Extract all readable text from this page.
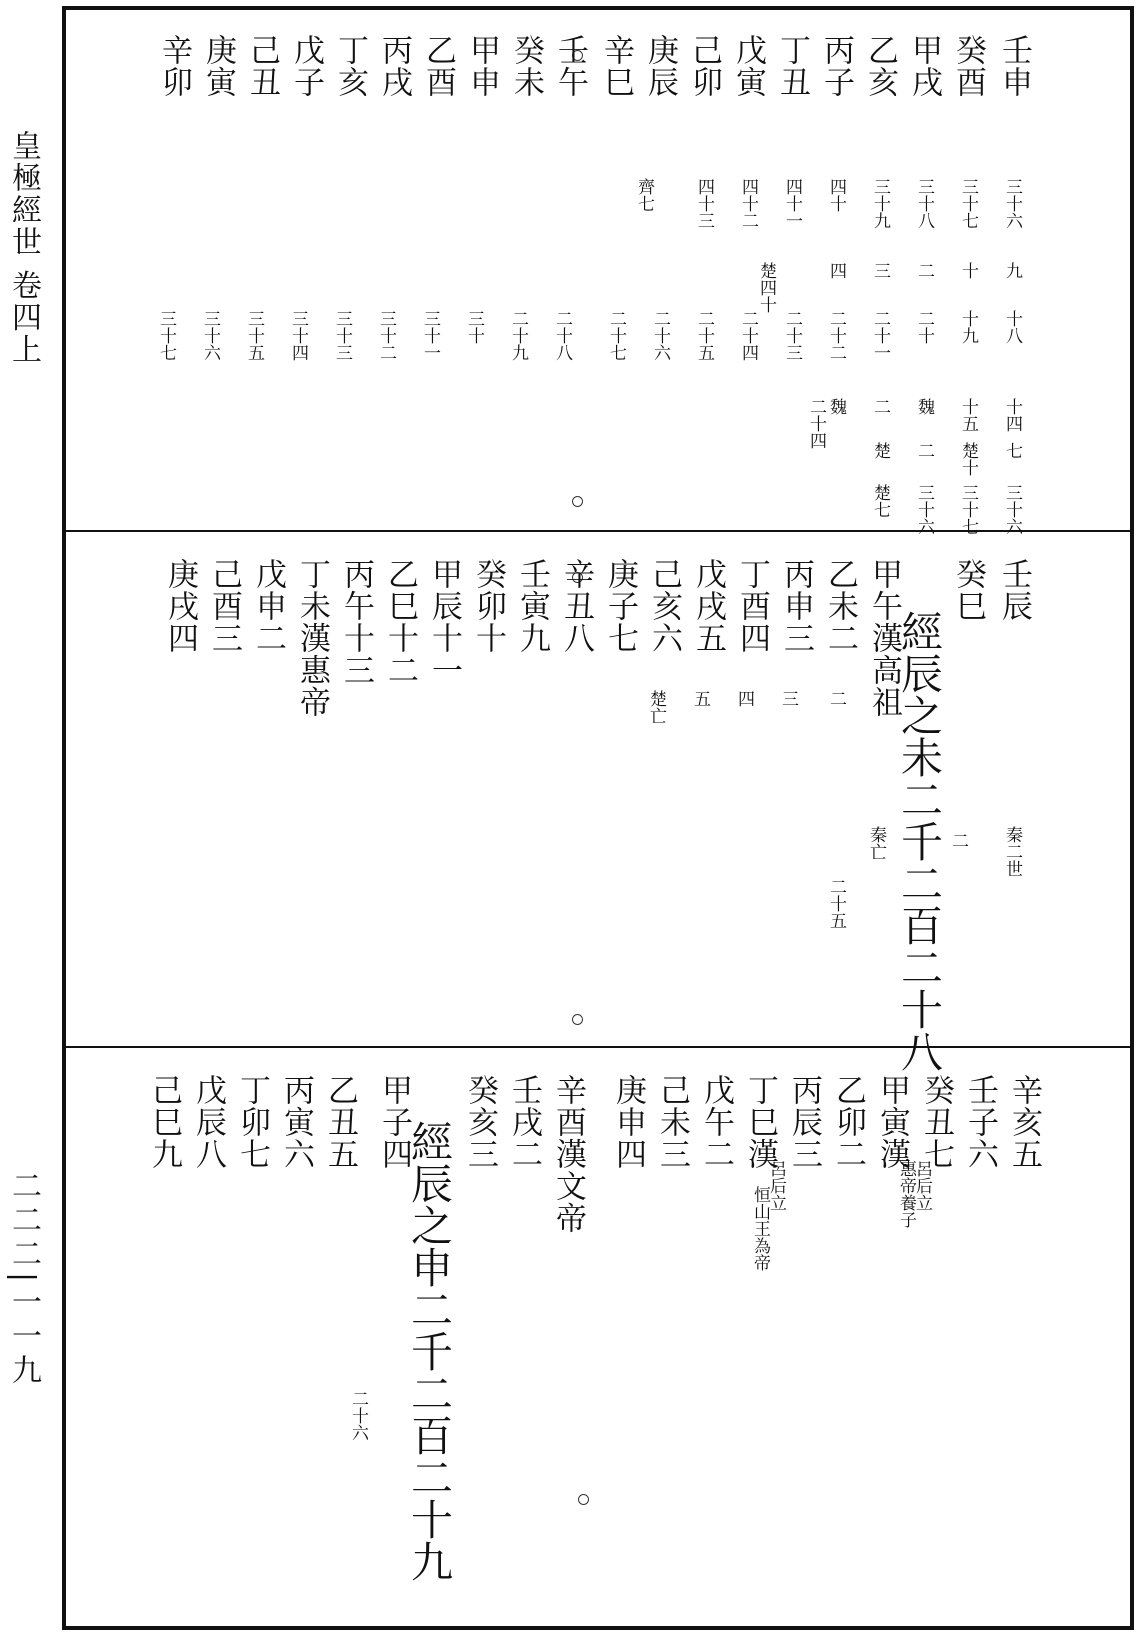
皇極經世 卷四上
二二二|一一九
經辰之未二千二百二十八
經辰之申二千二百二十九
壬申
癸酉
甲戌
乙亥
丙子
丁丑
戊寅
己卯
庚辰
辛巳
壬午
癸未
甲申
乙酉
丙戌
丁亥
戊子
己丑
庚寅
辛卯
三十六
三十七
三十八
三十九
四十
四十一
四十二
四十三
齊七
九
十
二
三
四
楚四十
十八
十九
二十
二十一
二十二
二十三
二十四
二十五
二十六
二十七
二十八
二十九
三十
三十一
三十二
三十三
三十四
三十五
三十六
三十七
十四
十五
魏
二
魏
二十四
七
楚十
二
楚
三十六
三十七
三十六
楚七
壬辰
癸巳
甲午漢高祖
乙未二
丙申三
丁酉四
戊戌五
己亥六
庚子七
辛丑八
壬寅九
癸卯十
甲辰十一
乙巳十二
丙午十三
丁未漢惠帝
戊申二
己酉三
庚戌四
秦二世
二
秦亡
二
三
四
五
楚亡
二十五
辛亥五
壬子六
癸丑七
甲寅漢
乙卯二
丙辰三
丁巳漢
戊午二
己未三
庚申四
辛酉漢文帝
壬戌二
癸亥三
甲子四
乙丑五
丙寅六
丁卯七
戊辰八
己巳九
呂后立
惠帝養子
呂后立
恒山王為帝
二十六
